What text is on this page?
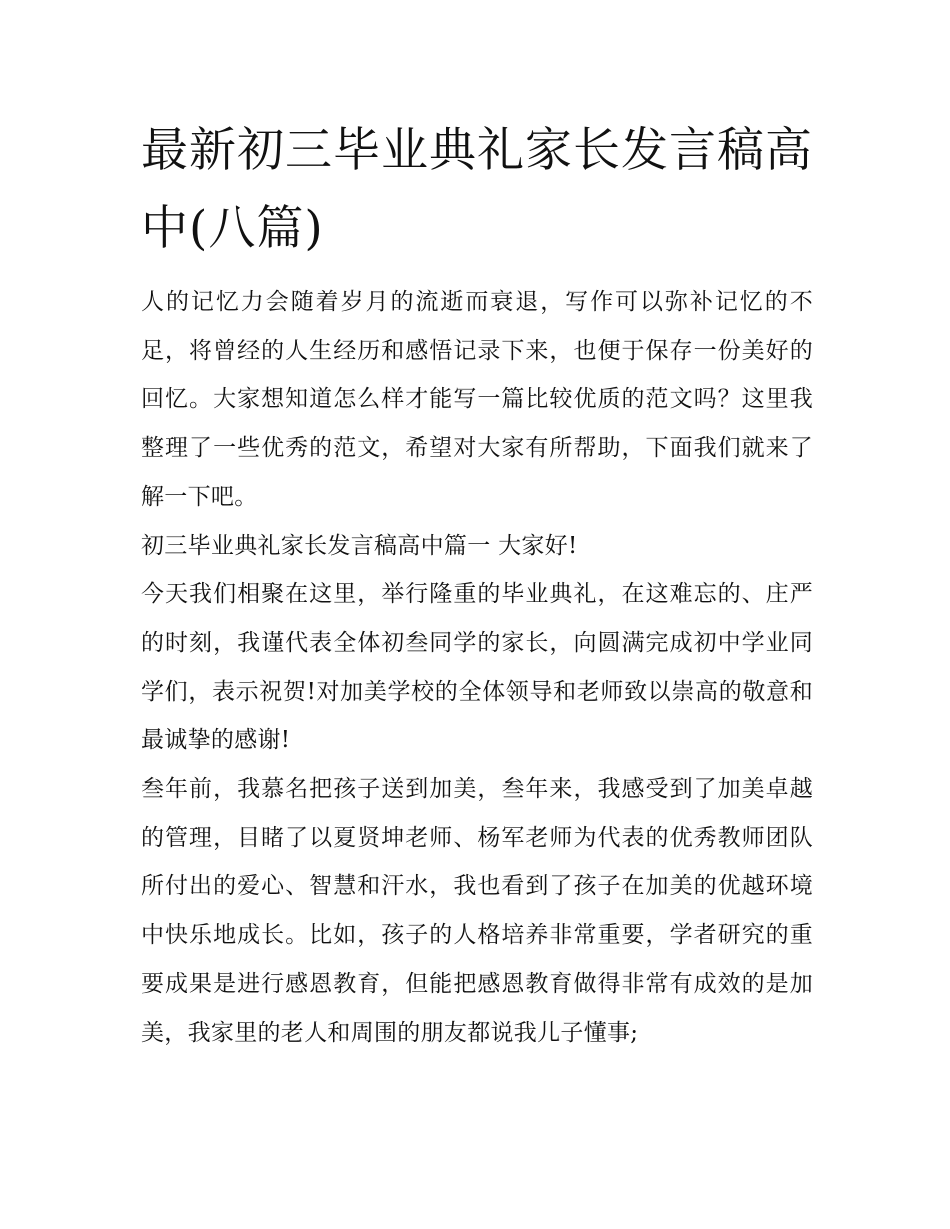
最新初三毕业典礼家长发言稿高中(八篇)

人的记忆力会随着岁月的流逝而衰退，写作可以弥补记忆的不足，将曾经的人生经历和感悟记录下来，也便于保存一份美好的回忆。大家想知道怎么样才能写一篇比较优质的范文吗？这里我整理了一些优秀的范文，希望对大家有所帮助，下面我们就来了解一下吧。

初三毕业典礼家长发言稿高中篇一 大家好!

今天我们相聚在这里，举行隆重的毕业典礼，在这难忘的、庄严的时刻，我谨代表全体初叁同学的家长，向圆满完成初中学业同学们，表示祝贺!对加美学校的全体领导和老师致以崇高的敬意和最诚挚的感谢!

叁年前，我慕名把孩子送到加美，叁年来，我感受到了加美卓越的管理，目睹了以夏贤坤老师、杨军老师为代表的优秀教师团队所付出的爱心、智慧和汗水，我也看到了孩子在加美的优越环境中快乐地成长。比如，孩子的人格培养非常重要，学者研究的重要成果是进行感恩教育，但能把感恩教育做得非常有成效的是加美，我家里的老人和周围的朋友都说我儿子懂事;
